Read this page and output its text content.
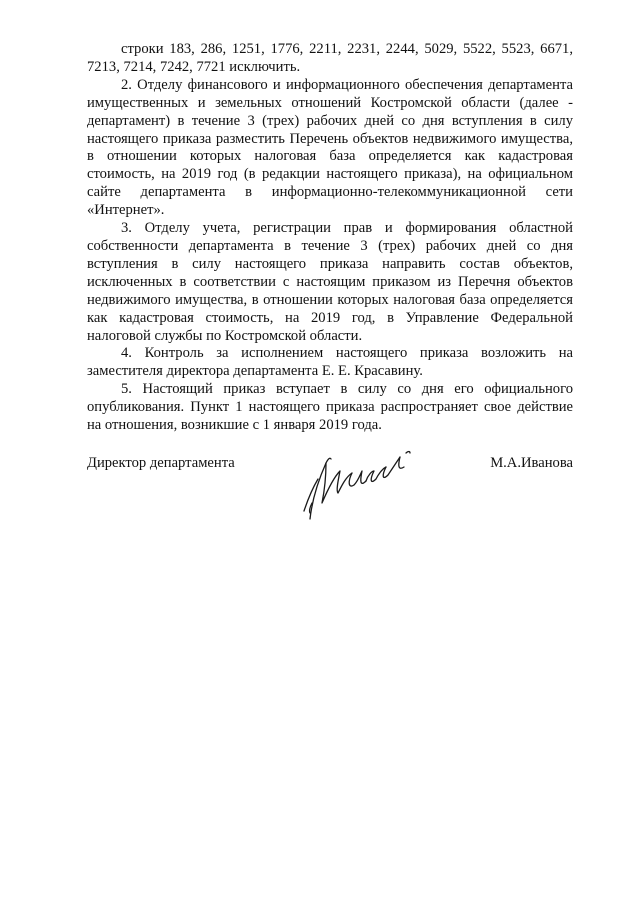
строки 183, 286, 1251, 1776, 2211, 2231, 2244, 5029, 5522, 5523, 6671, 7213, 7214, 7242, 7721 исключить.

2. Отделу финансового и информационного обеспечения департамента имущественных и земельных отношений Костромской области (далее - департамент) в течение 3 (трех) рабочих дней со дня вступления в силу настоящего приказа разместить Перечень объектов недвижимого имущества, в отношении которых налоговая база определяется как кадастровая стоимость, на 2019 год (в редакции настоящего приказа), на официальном сайте департамента в информационно-телекоммуникационной сети «Интернет».

3. Отделу учета, регистрации прав и формирования областной собственности департамента в течение 3 (трех) рабочих дней со дня вступления в силу настоящего приказа направить состав объектов, исключенных в соответствии с настоящим приказом из Перечня объектов недвижимого имущества, в отношении которых налоговая база определяется как кадастровая стоимость, на 2019 год, в Управление Федеральной налоговой службы по Костромской области.

4. Контроль за исполнением настоящего приказа возложить на заместителя директора департамента Е. Е. Красавину.

5. Настоящий приказ вступает в силу со дня его официального опубликования. Пункт 1 настоящего приказа распространяет свое действие на отношения, возникшие с 1 января 2019 года.

Директор департамента	М.А.Иванова
